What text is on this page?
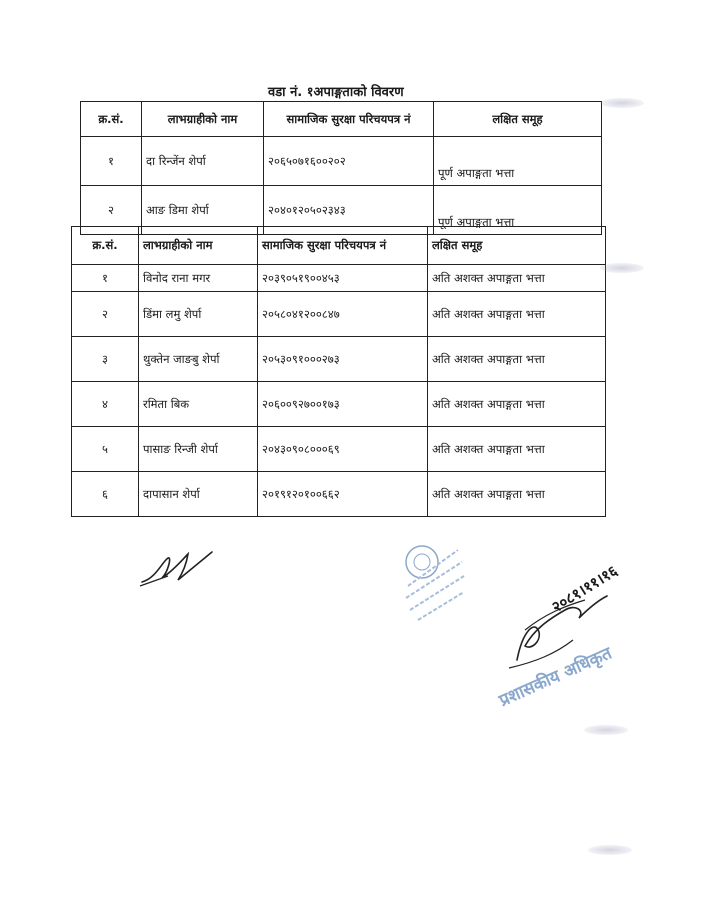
वडा नं. १अपाङ्गताको विवरण
क्र.सं.	लाभग्राहीको नाम	सामाजिक सुरक्षा परिचयपत्र नं	लक्षित समूह
१	दा रिन्जेंन शेर्पा	२०६५०७१६००२०२	पूर्ण अपाङ्गता भत्ता
२	आङ डिमा शेर्पा	२०४०१२०५०२३४३	पूर्ण अपाङ्गता भत्ता
क्र.सं.	लाभग्राहीको नाम	सामाजिक सुरक्षा परिचयपत्र नं	लक्षित समूह
१	विनोद राना मगर	२०३९०५१९००४५३	अति अशक्त अपाङ्गता भत्ता
२	डिंमा लमु शेर्पा	२०५८०४१२००८४७	अति अशक्त अपाङ्गता भत्ता
३	थुक्तेन जाङबु शेर्पा	२०५३०९१०००२७३	अति अशक्त अपाङ्गता भत्ता
४	रमिता बिक	२०६००९२७००१७३	अति अशक्त अपाङ्गता भत्ता
५	पासाङ रिन्जी शेर्पा	२०४३०९०८०००६९	अति अशक्त अपाङ्गता भत्ता
६	दापासान शेर्पा	२०१९१२०१००६६२	अति अशक्त अपाङ्गता भत्ता
२०८१।११।१६
प्रशासकीय अधिकृत
